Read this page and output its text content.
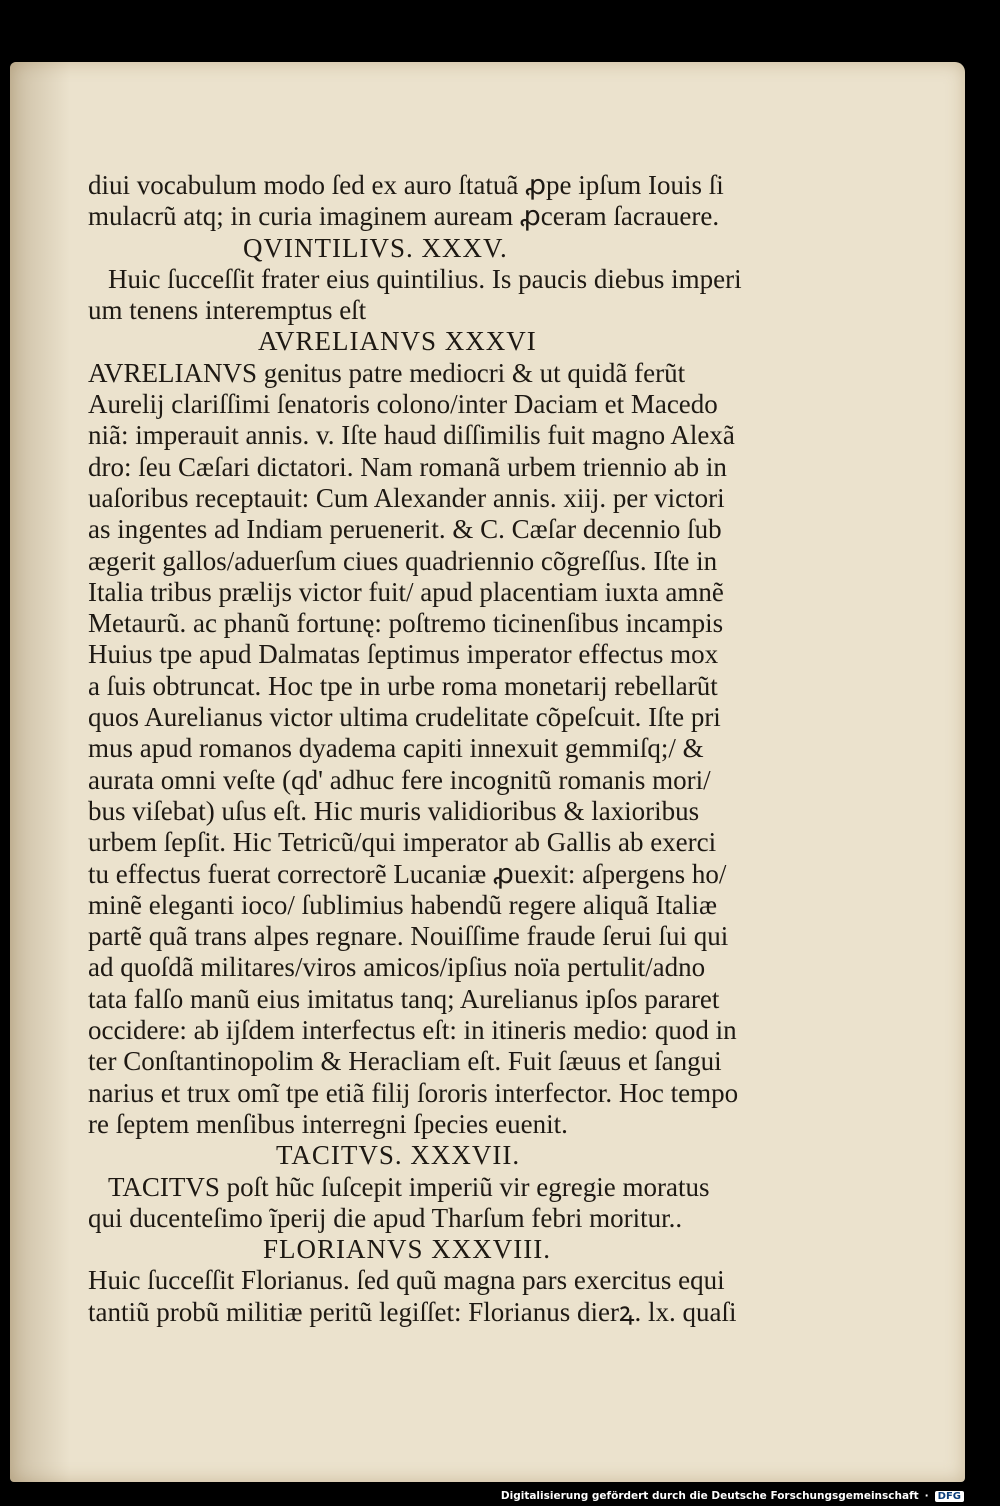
diui vocabulum modo ſed ex auro ſtatuã ꝓpe ipſum Iouis ſi
mulacrũ atq; in curia imaginem auream ꝓceram ſacrauere.
QVINTILIVS. XXXV.
Huic ſucceſſit frater eius quintilius. Is paucis diebus imperi
um tenens interemptus eſt
AVRELIANVS XXXVI
AVRELIANVS genitus patre mediocri & ut quidã ferũt
Aurelij clariſſimi ſenatoris colono/inter Daciam et Macedo
niã: imperauit annis. v. Iſte haud diſſimilis fuit magno Alexã
dro: ſeu Cæſari dictatori. Nam romanã urbem triennio ab in
uaſoribus receptauit: Cum Alexander annis. xiij. per victori
as ingentes ad Indiam peruenerit. & C. Cæſar decennio ſub
ægerit gallos/aduerſum ciues quadriennio cõgreſſus. Iſte in
Italia tribus prælijs victor fuit/ apud placentiam iuxta amnẽ
Metaurũ. ac phanũ fortunę: poſtremo ticinenſibus incampis
Huius tpe apud Dalmatas ſeptimus imperator effectus mox
a ſuis obtruncat. Hoc tpe in urbe roma monetarij rebellarũt
quos Aurelianus victor ultima crudelitate cõpeſcuit. Iſte pri
mus apud romanos dyadema capiti innexuit gemmiſq;/ &
aurata omni veſte (qd' adhuc fere incognitũ romanis mori/
bus viſebat) uſus eſt. Hic muris validioribus & laxioribus
urbem ſepſit. Hic Tetricũ/qui imperator ab Gallis ab exerci
tu effectus fuerat correctorẽ Lucaniæ ꝓuexit: aſpergens ho/
minẽ eleganti ioco/ ſublimius habendũ regere aliquã Italiæ
partẽ quã trans alpes regnare. Nouiſſime fraude ſerui ſui qui
ad quoſdã militares/viros amicos/ipſius noïa pertulit/adno
tata falſo manũ eius imitatus tanq; Aurelianus ipſos pararet
occidere: ab ijſdem interfectus eſt: in itineris medio: quod in
ter Conſtantinopolim & Heracliam eſt. Fuit ſæuus et ſangui
narius et trux omĩ tpe etiã filij ſororis interfector. Hoc tempo
re ſeptem menſibus interregni ſpecies euenit.
TACITVS. XXXVII.
TACITVS poſt hũc ſuſcepit imperiũ vir egregie moratus
qui ducenteſimo ĩperij die apud Tharſum febri moritur..
FLORIANVS XXXVIII.
Huic ſucceſſit Florianus. ſed quũ magna pars exercitus equi
tantiũ probũ militiæ peritũ legiſſet: Florianus dierꝝ. lx. quaſi
Digitalisierung gefördert durch die Deutsche Forschungsgemeinschaft · DFG
